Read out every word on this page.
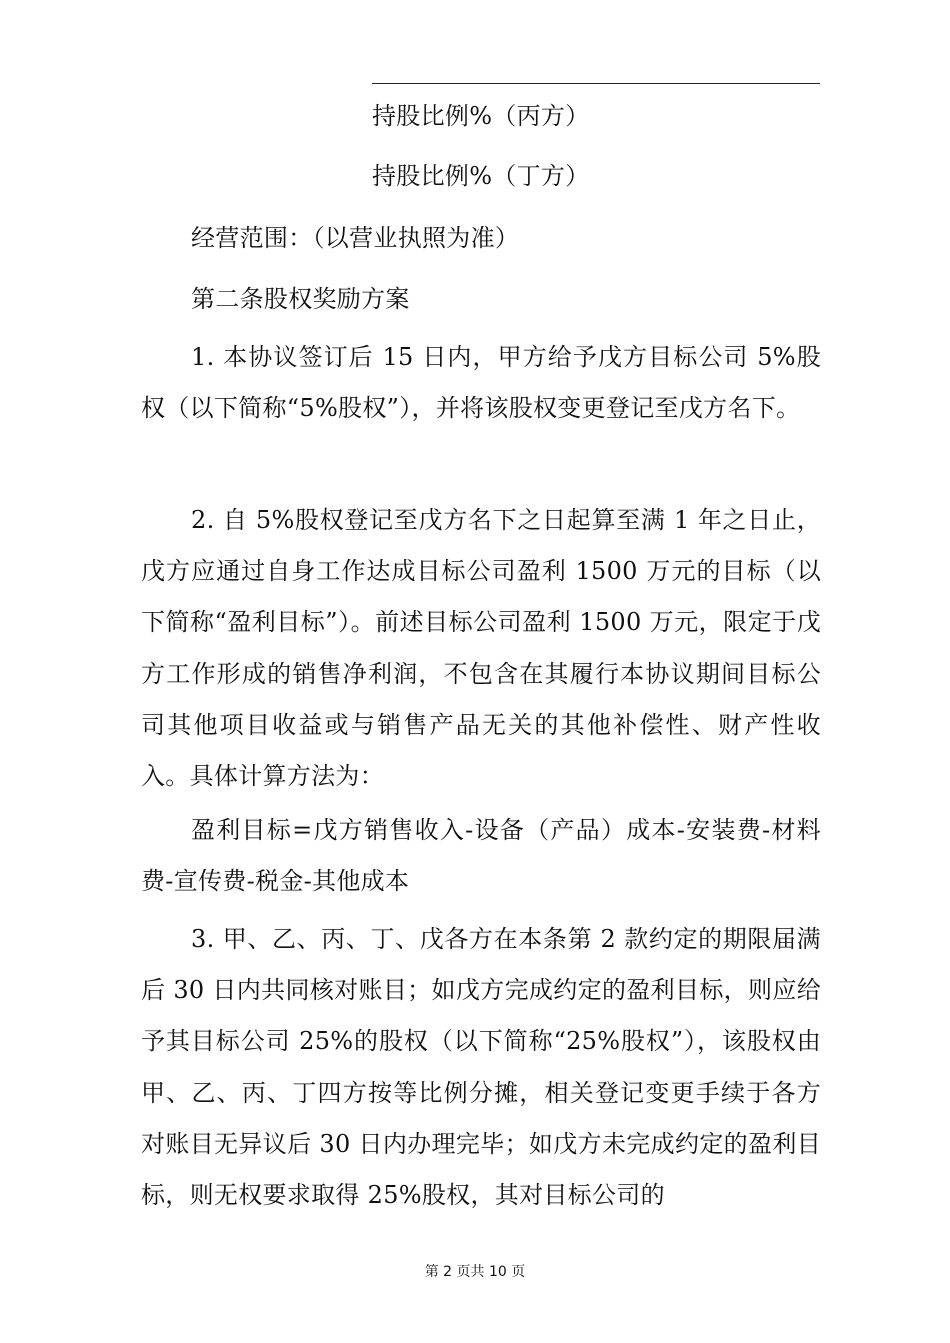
持股比例%（丙方）
持股比例%（丁方）
经营范围：（以营业执照为准）
第二条股权奖励方案
1. 本协议签订后 15 日内，甲方给予戊方目标公司 5%股权（以下简称“5%股权”），并将该股权变更登记至戊方名下。
2. 自 5%股权登记至戊方名下之日起算至满 1 年之日止，戊方应通过自身工作达成目标公司盈利 1500 万元的目标（以下简称“盈利目标”）。前述目标公司盈利 1500 万元，限定于戊方工作形成的销售净利润，不包含在其履行本协议期间目标公司其他项目收益或与销售产品无关的其他补偿性、财产性收入。具体计算方法为：
盈利目标=戊方销售收入-设备（产品）成本-安装费-材料费-宣传费-税金-其他成本
3. 甲、乙、丙、丁、戊各方在本条第 2 款约定的期限届满后 30 日内共同核对账目；如戊方完成约定的盈利目标，则应给予其目标公司 25%的股权（以下简称“25%股权”），该股权由甲、乙、丙、丁四方按等比例分摊，相关登记变更手续于各方对账目无异议后 30 日内办理完毕；如戊方未完成约定的盈利目标，则无权要求取得 25%股权，其对目标公司的
第 2 页共 10 页
